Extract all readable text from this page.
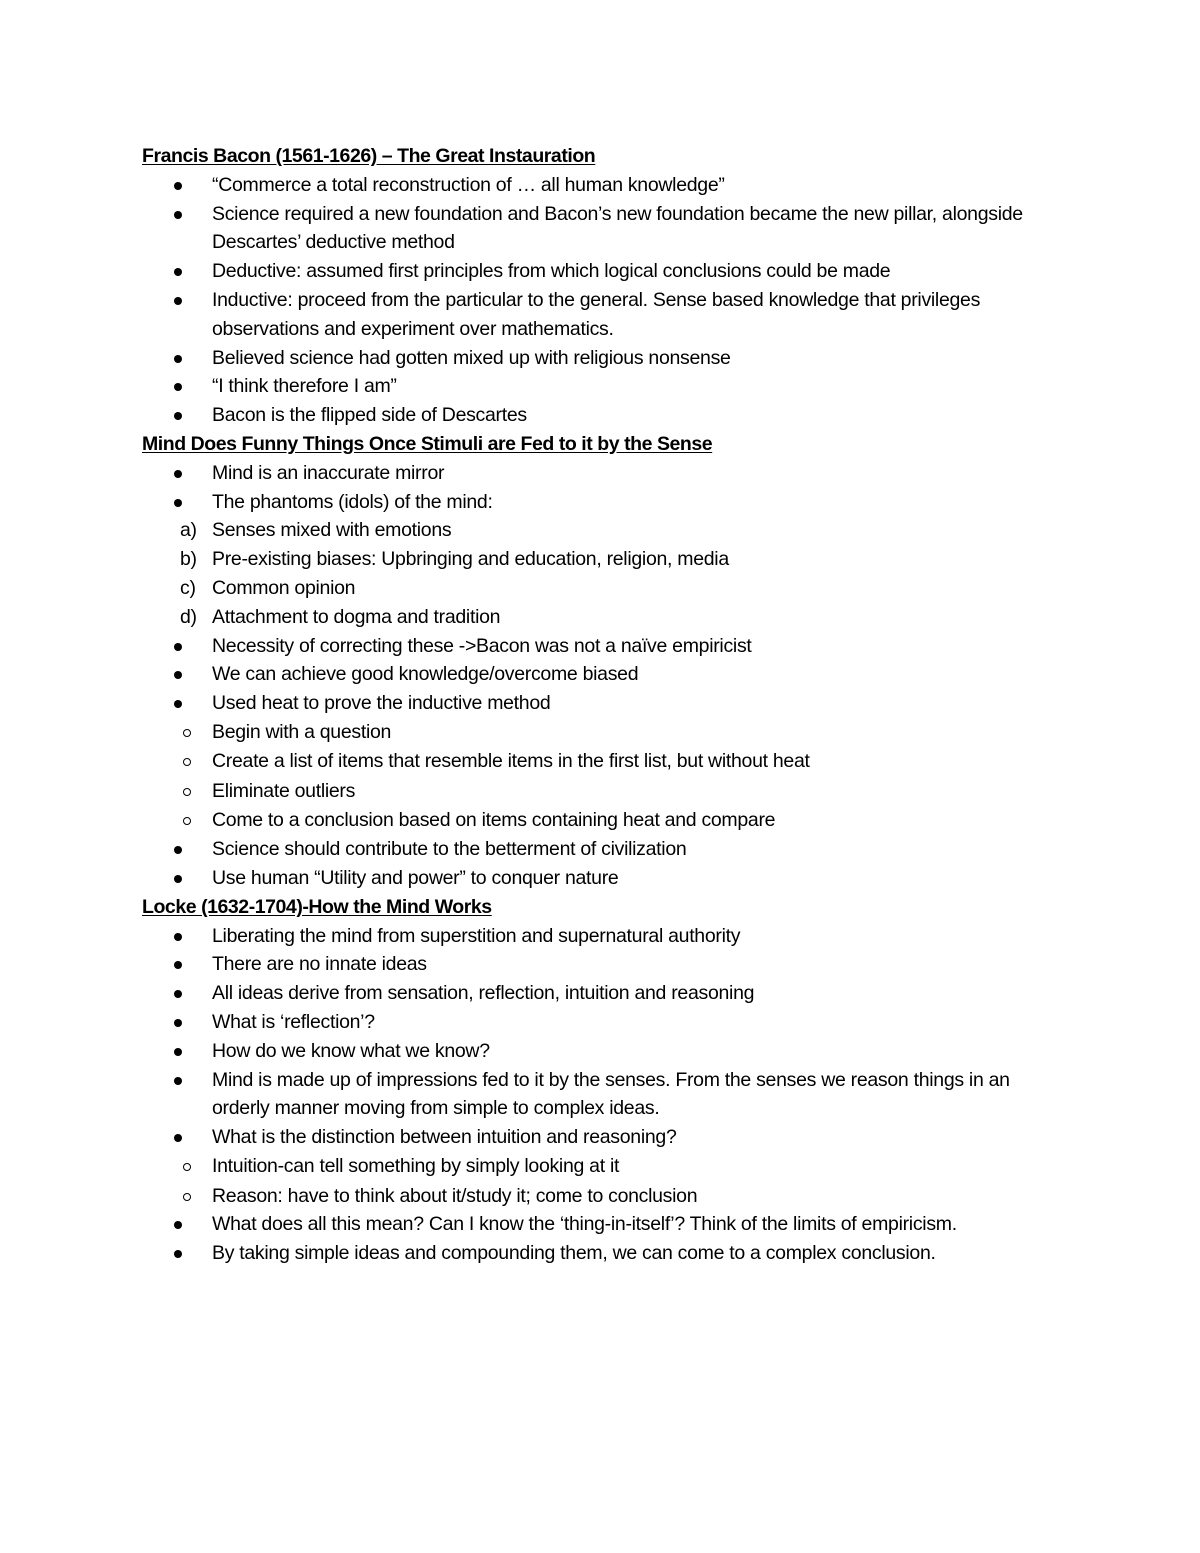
Francis Bacon (1561-1626) – The Great Instauration
“Commerce a total reconstruction of … all human knowledge”
Science required a new foundation and Bacon’s new foundation became the new pillar, alongside Descartes’ deductive method
Deductive: assumed first principles from which logical conclusions could be made
Inductive: proceed from the particular to the general. Sense based knowledge that privileges observations and experiment over mathematics.
Believed science had gotten mixed up with religious nonsense
“I think therefore I am”
Bacon is the flipped side of Descartes
Mind Does Funny Things Once Stimuli are Fed to it by the Sense
Mind is an inaccurate mirror
The phantoms (idols) of the mind:
a) Senses mixed with emotions
b) Pre-existing biases: Upbringing and education, religion, media
c) Common opinion
d) Attachment to dogma and tradition
Necessity of correcting these ->Bacon was not a naïve empiricist
We can achieve good knowledge/overcome biased
Used heat to prove the inductive method
Begin with a question
Create a list of items that resemble items in the first list, but without heat
Eliminate outliers
Come to a conclusion based on items containing heat and compare
Science should contribute to the betterment of civilization
Use human “Utility and power” to conquer nature
Locke (1632-1704)-How the Mind Works
Liberating the mind from superstition and supernatural authority
There are no innate ideas
All ideas derive from sensation, reflection, intuition and reasoning
What is ‘reflection’?
How do we know what we know?
Mind is made up of impressions fed to it by the senses. From the senses we reason things in an orderly manner moving from simple to complex ideas.
What is the distinction between intuition and reasoning?
Intuition-can tell something by simply looking at it
Reason: have to think about it/study it; come to conclusion
What does all this mean? Can I know the ‘thing-in-itself’? Think of the limits of empiricism.
By taking simple ideas and compounding them, we can come to a complex conclusion.
